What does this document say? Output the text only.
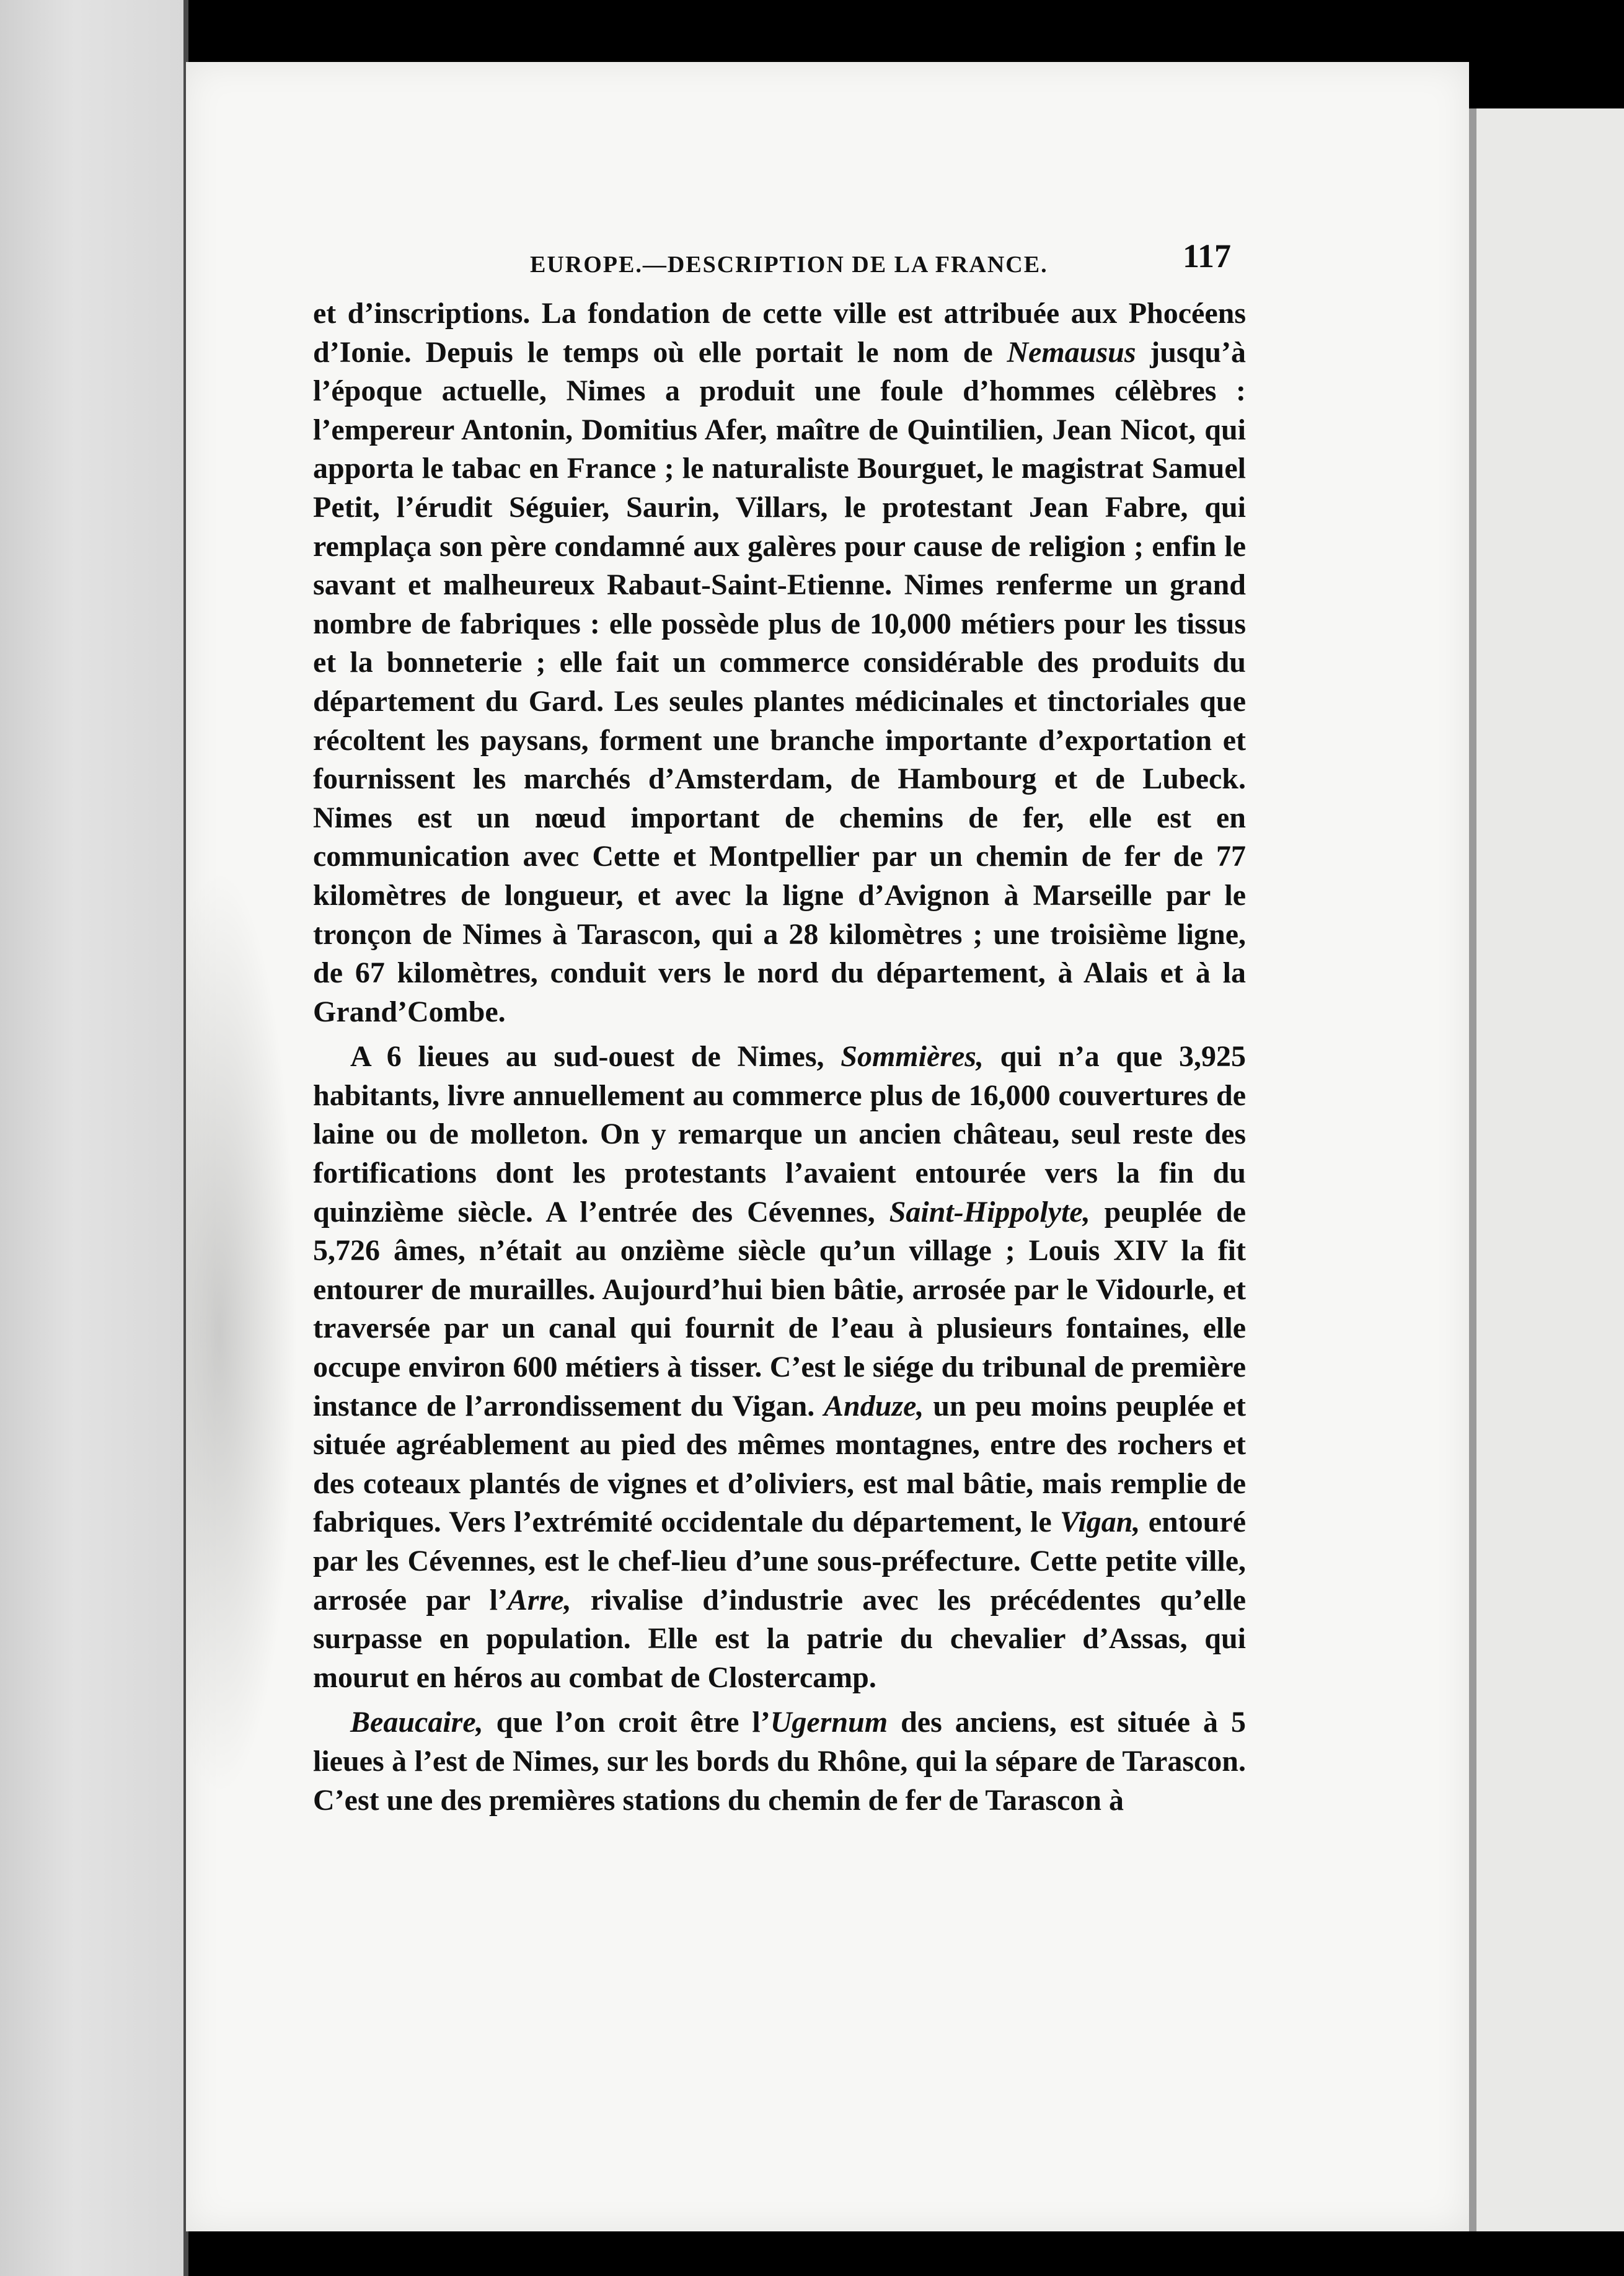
EUROPE.—DESCRIPTION DE LA FRANCE.	117

et d’inscriptions. La fondation de cette ville est attribuée aux Phocéens d’Ionie. Depuis le temps où elle portait le nom de Nemausus jusqu’à l’époque actuelle, Nimes a produit une foule d’hommes célèbres : l’empereur Antonin, Domitius Afer, maître de Quintilien, Jean Nicot, qui apporta le tabac en France ; le naturaliste Bourguet, le magistrat Samuel Petit, l’érudit Séguier, Saurin, Villars, le protestant Jean Fabre, qui remplaça son père condamné aux galères pour cause de religion ; enfin le savant et malheureux Rabaut-Saint-Etienne. Nimes renferme un grand nombre de fabriques : elle possède plus de 10,000 métiers pour les tissus et la bonneterie ; elle fait un commerce considérable des produits du département du Gard. Les seules plantes médicinales et tinctoriales que récoltent les paysans, forment une branche importante d’exportation et fournissent les marchés d’Amsterdam, de Hambourg et de Lubeck. Nimes est un nœud important de chemins de fer, elle est en communication avec Cette et Montpellier par un chemin de fer de 77 kilomètres de longueur, et avec la ligne d’Avignon à Marseille par le tronçon de Nimes à Tarascon, qui a 28 kilomètres ; une troisième ligne, de 67 kilomètres, conduit vers le nord du département, à Alais et à la Grand’Combe.

A 6 lieues au sud-ouest de Nimes, Sommières, qui n’a que 3,925 habitants, livre annuellement au commerce plus de 16,000 couvertures de laine ou de molleton. On y remarque un ancien château, seul reste des fortifications dont les protestants l’avaient entourée vers la fin du quinzième siècle. A l’entrée des Cévennes, Saint-Hippolyte, peuplée de 5,726 âmes, n’était au onzième siècle qu’un village ; Louis XIV la fit entourer de murailles. Aujourd’hui bien bâtie, arrosée par le Vidourle, et traversée par un canal qui fournit de l’eau à plusieurs fontaines, elle occupe environ 600 métiers à tisser. C’est le siége du tribunal de première instance de l’arrondissement du Vigan. Anduze, un peu moins peuplée et située agréablement au pied des mêmes montagnes, entre des rochers et des coteaux plantés de vignes et d’oliviers, est mal bâtie, mais remplie de fabriques. Vers l’extrémité occidentale du département, le Vigan, entouré par les Cévennes, est le chef-lieu d’une sous-préfecture. Cette petite ville, arrosée par l’Arre, rivalise d’industrie avec les précédentes qu’elle surpasse en population. Elle est la patrie du chevalier d’Assas, qui mourut en héros au combat de Clostercamp.

Beaucaire, que l’on croit être l’Ugernum des anciens, est située à 5 lieues à l’est de Nimes, sur les bords du Rhône, qui la sépare de Tarascon. C’est une des premières stations du chemin de fer de Tarascon à
